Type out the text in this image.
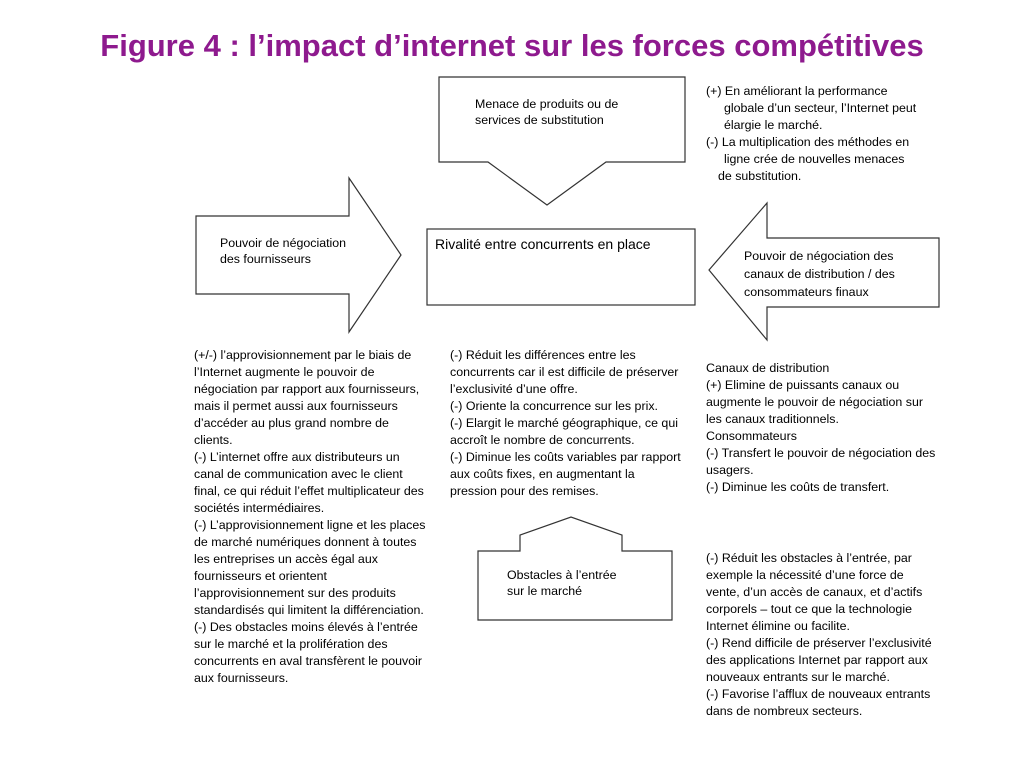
Figure 4 : l’impact d’internet sur les forces compétitives
Menace de produits ou de services de substitution
Pouvoir de négociation des fournisseurs	Pouvoir de négociation des canaux de distribution / des consommateurs finaux
Obstacles à l’entrée sur le marché
Rivalité entre concurrents en place

(+) En améliorant la performance

globale d’un secteur, l’Internet peut

élargie le marché.

(-) La multiplication des méthodes en

ligne crée de nouvelles menaces

de substitution.

(+/-) l’approvisionnement par le biais de l’Internet augmente le pouvoir de négociation par rapport aux fournisseurs, mais il permet aussi aux fournisseurs d’accéder au plus grand nombre de clients.

(-) L’internet offre aux distributeurs un canal de communication avec le client final, ce qui réduit l’effet multiplicateur des sociétés intermédiaires.

(-) L’approvisionnement ligne et les places de marché numériques donnent à toutes les entreprises un accès égal aux fournisseurs et orientent l’approvisionnement sur des produits standardisés qui limitent la différenciation.

(-) Des obstacles moins élevés à l’entrée sur le marché et la prolifération des concurrents en aval transfèrent le pouvoir aux fournisseurs.

(-) Réduit les différences entre les concurrents car il est difficile de préserver l’exclusivité d’une offre.

(-) Oriente la concurrence sur les prix.

(-) Elargit le marché géographique, ce qui accroît le nombre de concurrents.

(-) Diminue les coûts variables par rapport aux coûts fixes, en augmentant la pression pour des remises.

Canaux de distribution

(+) Elimine de puissants canaux ou augmente le pouvoir de négociation sur les canaux traditionnels.

Consommateurs

(-) Transfert le pouvoir de négociation des usagers.

(-) Diminue les coûts de transfert.

(-) Réduit les obstacles à l’entrée, par exemple la nécessité d’une force de vente, d’un accès de canaux, et d’actifs corporels – tout ce que la technologie Internet élimine ou facilite.

(-) Rend difficile de préserver l’exclusivité des applications Internet par rapport aux nouveaux entrants sur le marché.

(-) Favorise l’afflux de nouveaux entrants dans de nombreux secteurs.
